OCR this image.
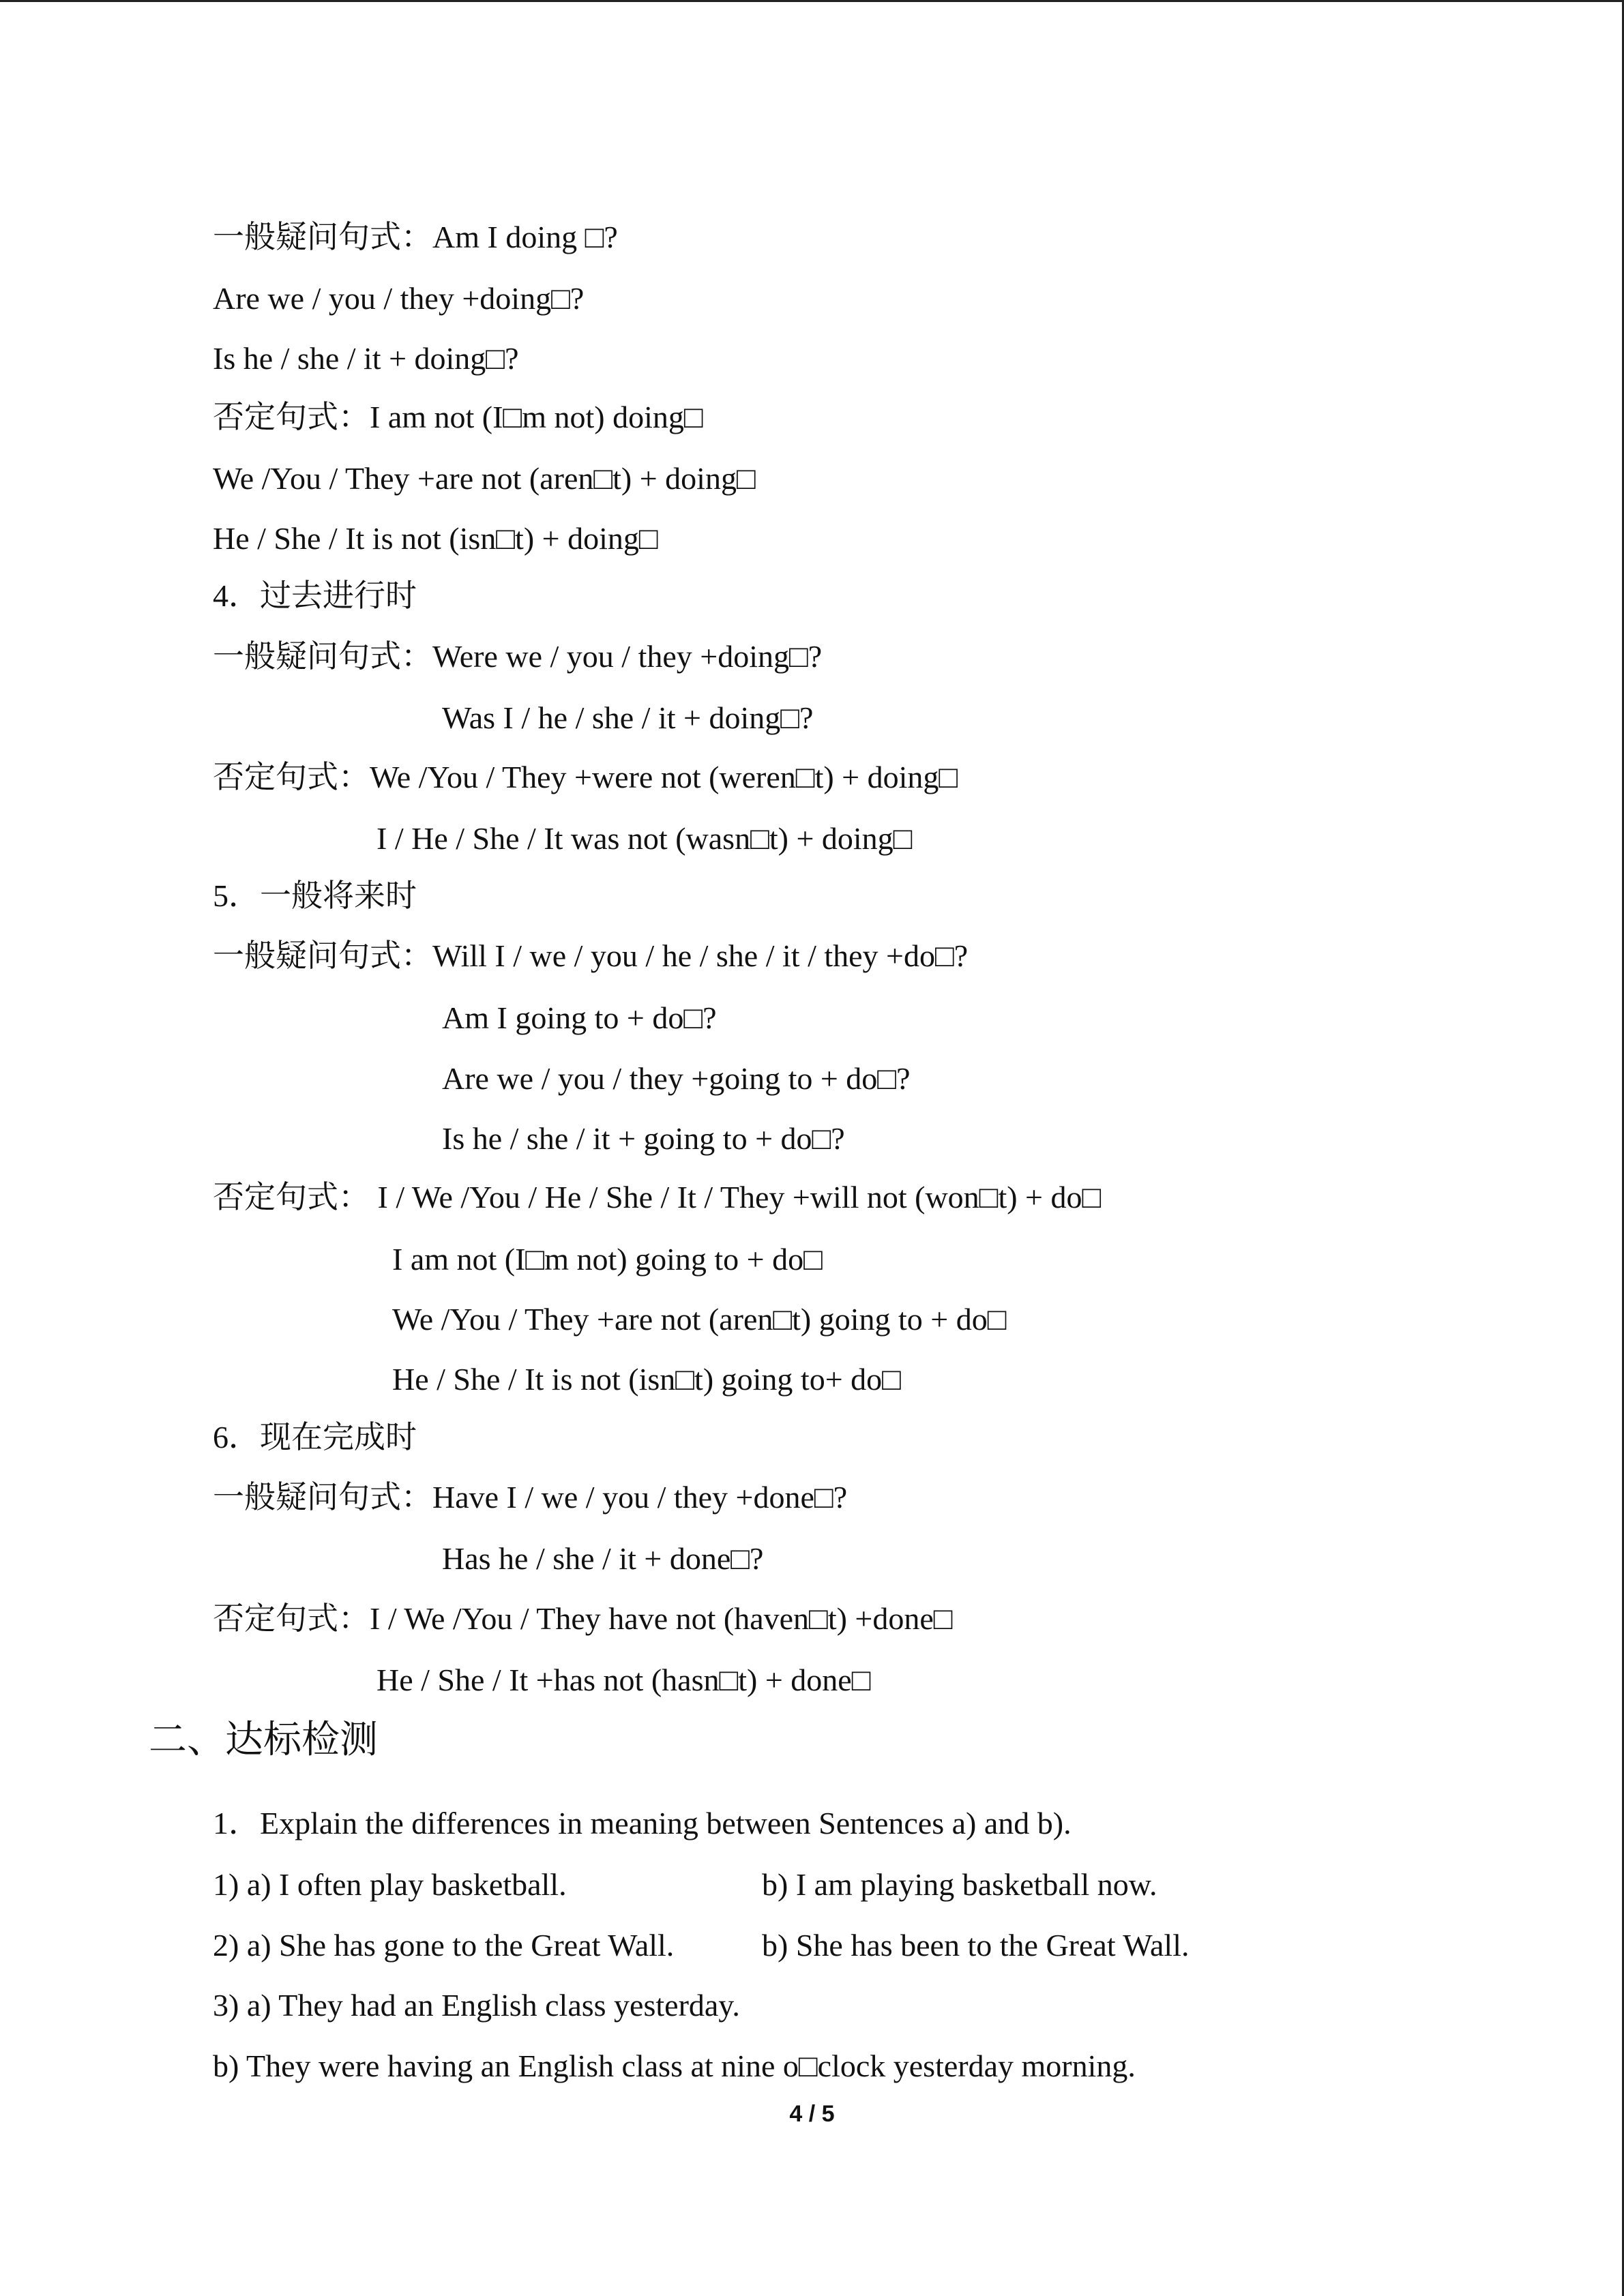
一般疑问句式：Am I doing □?
Are we / you / they +doing□?
Is he / she / it + doing□?
否定句式：I am not (I□m not) doing□
We /You / They +are not (aren□t) + doing□
He / She / It is not (isn□t) + doing□
4．过去进行时
一般疑问句式：Were we / you / they +doing□?
Was I / he / she / it + doing□?
否定句式：We /You / They +were not (weren□t) + doing□
I / He / She / It was not (wasn□t) + doing□
5．一般将来时
一般疑问句式：Will I / we / you / he / she / it / they +do□?
Am I going to + do□?
Are we / you / they +going to + do□?
Is he / she / it + going to + do□?
否定句式： I / We /You / He / She / It / They +will not (won□t) + do□
I am not (I□m not) going to + do□
We /You / They +are not (aren□t) going to + do□
He / She / It is not (isn□t) going to+ do□
6．现在完成时
一般疑问句式：Have I / we / you / they +done□?
Has he / she / it + done□?
否定句式：I / We /You / They have not (haven□t) +done□
He / She / It +has not (hasn□t) + done□
二、达标检测
1．Explain the differences in meaning between Sentences a) and b).
1) a) I often play basketball.	b) I am playing basketball now.
2) a) She has gone to the Great Wall.	b) She has been to the Great Wall.
3) a) They had an English class yesterday.
b) They were having an English class at nine o□clock yesterday morning.
4 / 5
